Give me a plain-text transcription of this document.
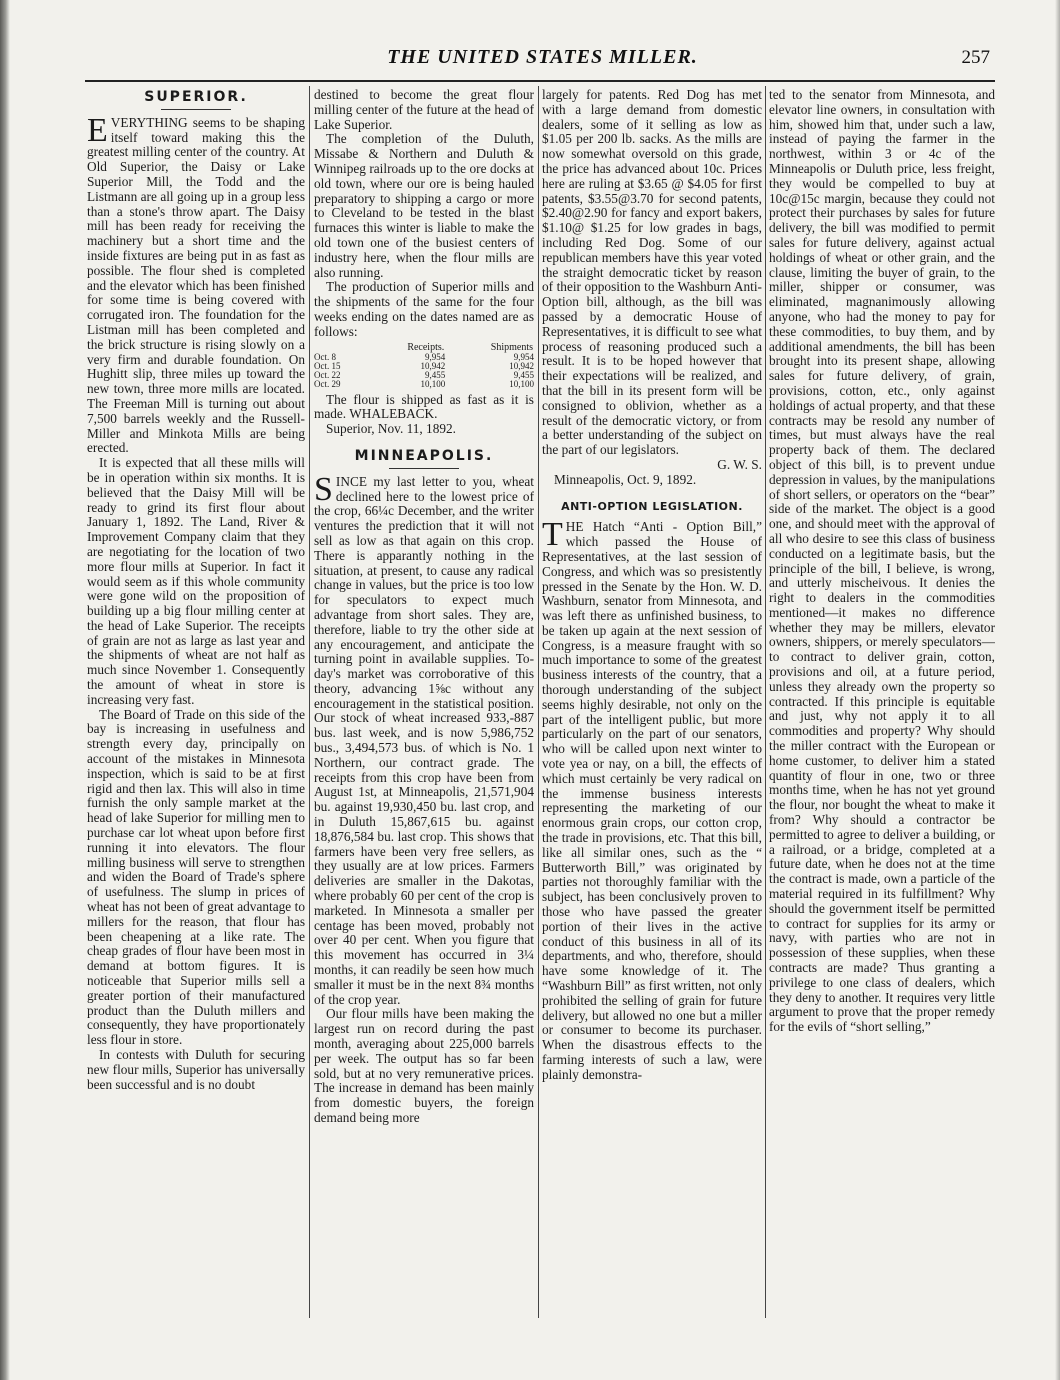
THE UNITED STATES MILLER.	257
SUPERIOR.

EVERYTHING seems to be shaping itself toward making this the greatest milling center of the country. At Old Superior, the Daisy or Lake Superior Mill, the Todd and the Listmann are all going up in a group less than a stone's throw apart. The Daisy mill has been ready for receiving the machinery but a short time and the inside fixtures are being put in as fast as possible. The flour shed is completed and the elevator which has been finished for some time is being covered with corrugated iron. The foundation for the Listman mill has been completed and the brick structure is rising slowly on a very firm and durable foundation. On Hughitt slip, three miles up toward the new town, three more mills are located. The Freeman Mill is turning out about 7,500 barrels weekly and the Russell-Miller and Minkota Mills are being erected.

It is expected that all these mills will be in operation within six months. It is believed that the Daisy Mill will be ready to grind its first flour about January 1, 1892. The Land, River & Improvement Company claim that they are negotiating for the location of two more flour mills at Superior. In fact it would seem as if this whole community were gone wild on the proposition of building up a big flour milling center at the head of Lake Superior. The receipts of grain are not as large as last year and the shipments of wheat are not half as much since November 1. Consequently the amount of wheat in store is increasing very fast.

The Board of Trade on this side of the bay is increasing in usefulness and strength every day, principally on account of the mistakes in Minnesota inspection, which is said to be at first rigid and then lax. This will also in time furnish the only sample market at the head of lake Superior for milling men to purchase car lot wheat upon before first running it into elevators. The flour milling business will serve to strengthen and widen the Board of Trade's sphere of usefulness. The slump in prices of wheat has not been of great advantage to millers for the reason, that flour has been cheapening at a like rate. The cheap grades of flour have been most in demand at bottom figures. It is noticeable that Superior mills sell a greater portion of their manufactured product than the Duluth millers and consequently, they have proportionately less flour in store.

In contests with Duluth for securing new flour mills, Superior has universally been successful and is no doubt

destined to become the great flour milling center of the future at the head of Lake Superior.

The completion of the Duluth, Missabe & Northern and Duluth & Winnipeg railroads up to the ore docks at old town, where our ore is being hauled preparatory to shipping a cargo or more to Cleveland to be tested in the blast furnaces this winter is liable to make the old town one of the busiest centers of industry here, when the flour mills are also running.

The production of Superior mills and the shipments of the same for the four weeks ending on the dates named are as follows:

	Receipts.	Shipments
Oct. 8	9,954	9,954
Oct. 15	10,942	10,942
Oct. 22	9,455	9,455
Oct. 29	10,100	10,100

The flour is shipped as fast as it is made. WHALEBACK.

Superior, Nov. 11, 1892.

MINNEAPOLIS.

SINCE my last letter to you, wheat declined here to the lowest price of the crop, 66¼c December, and the writer ventures the prediction that it will not sell as low as that again on this crop. There is apparantly nothing in the situation, at present, to cause any radical change in values, but the price is too low for speculators to expect much advantage from short sales. They are, therefore, liable to try the other side at any encouragement, and anticipate the turning point in available supplies. To-day's market was corroborative of this theory, advancing 1⅝c without any encouragement in the statistical position. Our stock of wheat increased 933,-887 bus. last week, and is now 5,986,752 bus., 3,494,573 bus. of which is No. 1 Northern, our contract grade. The receipts from this crop have been from August 1st, at Minneapolis, 21,571,904 bu. against 19,930,450 bu. last crop, and in Duluth 15,867,615 bu. against 18,876,584 bu. last crop. This shows that farmers have been very free sellers, as they usually are at low prices. Farmers deliveries are smaller in the Dakotas, where probably 60 per cent of the crop is marketed. In Minnesota a smaller per centage has been moved, probably not over 40 per cent. When you figure that this movement has occurred in 3¼ months, it can readily be seen how much smaller it must be in the next 8¾ months of the crop year.

Our flour mills have been making the largest run on record during the past month, averaging about 225,000 barrels per week. The output has so far been sold, but at no very remunerative prices. The increase in demand has been mainly from domestic buyers, the foreign demand being more

largely for patents. Red Dog has met with a large demand from domestic dealers, some of it selling as low as $1.05 per 200 lb. sacks. As the mills are now somewhat oversold on this grade, the price has advanced about 10c. Prices here are ruling at $3.65 @ $4.05 for first patents, $3.55@3.70 for second patents, $2.40@2.90 for fancy and export bakers, $1.10@ $1.25 for low grades in bags, including Red Dog. Some of our republican members have this year voted the straight democratic ticket by reason of their opposition to the Washburn Anti-Option bill, although, as the bill was passed by a democratic House of Representatives, it is difficult to see what process of reasoning produced such a result. It is to be hoped however that their expectations will be realized, and that the bill in its present form will be consigned to oblivion, whether as a result of the democratic victory, or from a better understanding of the subject on the part of our legislators.

G. W. S.

Minneapolis, Oct. 9, 1892.

ANTI-OPTION LEGISLATION.

THE Hatch “Anti - Option Bill,” which passed the House of Representatives, at the last session of Congress, and which was so presistently pressed in the Senate by the Hon. W. D. Washburn, senator from Minnesota, and was left there as unfinished business, to be taken up again at the next session of Congress, is a measure fraught with so much importance to some of the greatest business interests of the country, that a thorough understanding of the subject seems highly desirable, not only on the part of the intelligent public, but more particularly on the part of our senators, who will be called upon next winter to vote yea or nay, on a bill, the effects of which must certainly be very radical on the immense business interests representing the marketing of our enormous grain crops, our cotton crop, the trade in provisions, etc. That this bill, like all similar ones, such as the “ Butterworth Bill,” was originated by parties not thoroughly familiar with the subject, has been conclusively proven to those who have passed the greater portion of their lives in the active conduct of this business in all of its departments, and who, therefore, should have some knowledge of it. The “Washburn Bill” as first written, not only prohibited the selling of grain for future delivery, but allowed no one but a miller or consumer to become its purchaser. When the disastrous effects to the farming interests of such a law, were plainly demonstra-

ted to the senator from Minnesota, and elevator line owners, in consultation with him, showed him that, under such a law, instead of paying the farmer in the northwest, within 3 or 4c of the Minneapolis or Duluth price, less freight, they would be compelled to buy at 10c@15c margin, because they could not protect their purchases by sales for future delivery, the bill was modified to permit sales for future delivery, against actual holdings of wheat or other grain, and the clause, limiting the buyer of grain, to the miller, shipper or consumer, was eliminated, magnanimously allowing anyone, who had the money to pay for these commodities, to buy them, and by additional amendments, the bill has been brought into its present shape, allowing sales for future delivery, of grain, provisions, cotton, etc., only against holdings of actual property, and that these contracts may be resold any number of times, but must always have the real property back of them. The declared object of this bill, is to prevent undue depression in values, by the manipulations of short sellers, or operators on the “bear” side of the market. The object is a good one, and should meet with the approval of all who desire to see this class of business conducted on a legitimate basis, but the principle of the bill, I believe, is wrong, and utterly mischeivous. It denies the right to dealers in the commodities mentioned—it makes no difference whether they may be millers, elevator owners, shippers, or merely speculators—to contract to deliver grain, cotton, provisions and oil, at a future period, unless they already own the property so contracted. If this principle is equitable and just, why not apply it to all commodities and property? Why should the miller contract with the European or home customer, to deliver him a stated quantity of flour in one, two or three months time, when he has not yet ground the flour, nor bought the wheat to make it from? Why should a contractor be permitted to agree to deliver a building, or a railroad, or a bridge, completed at a future date, when he does not at the time the contract is made, own a particle of the material required in its fulfillment? Why should the government itself be permitted to contract for supplies for its army or navy, with parties who are not in possession of these supplies, when these contracts are made? Thus granting a privilege to one class of dealers, which they deny to another. It requires very little argument to prove that the proper remedy for the evils of “short selling,”
